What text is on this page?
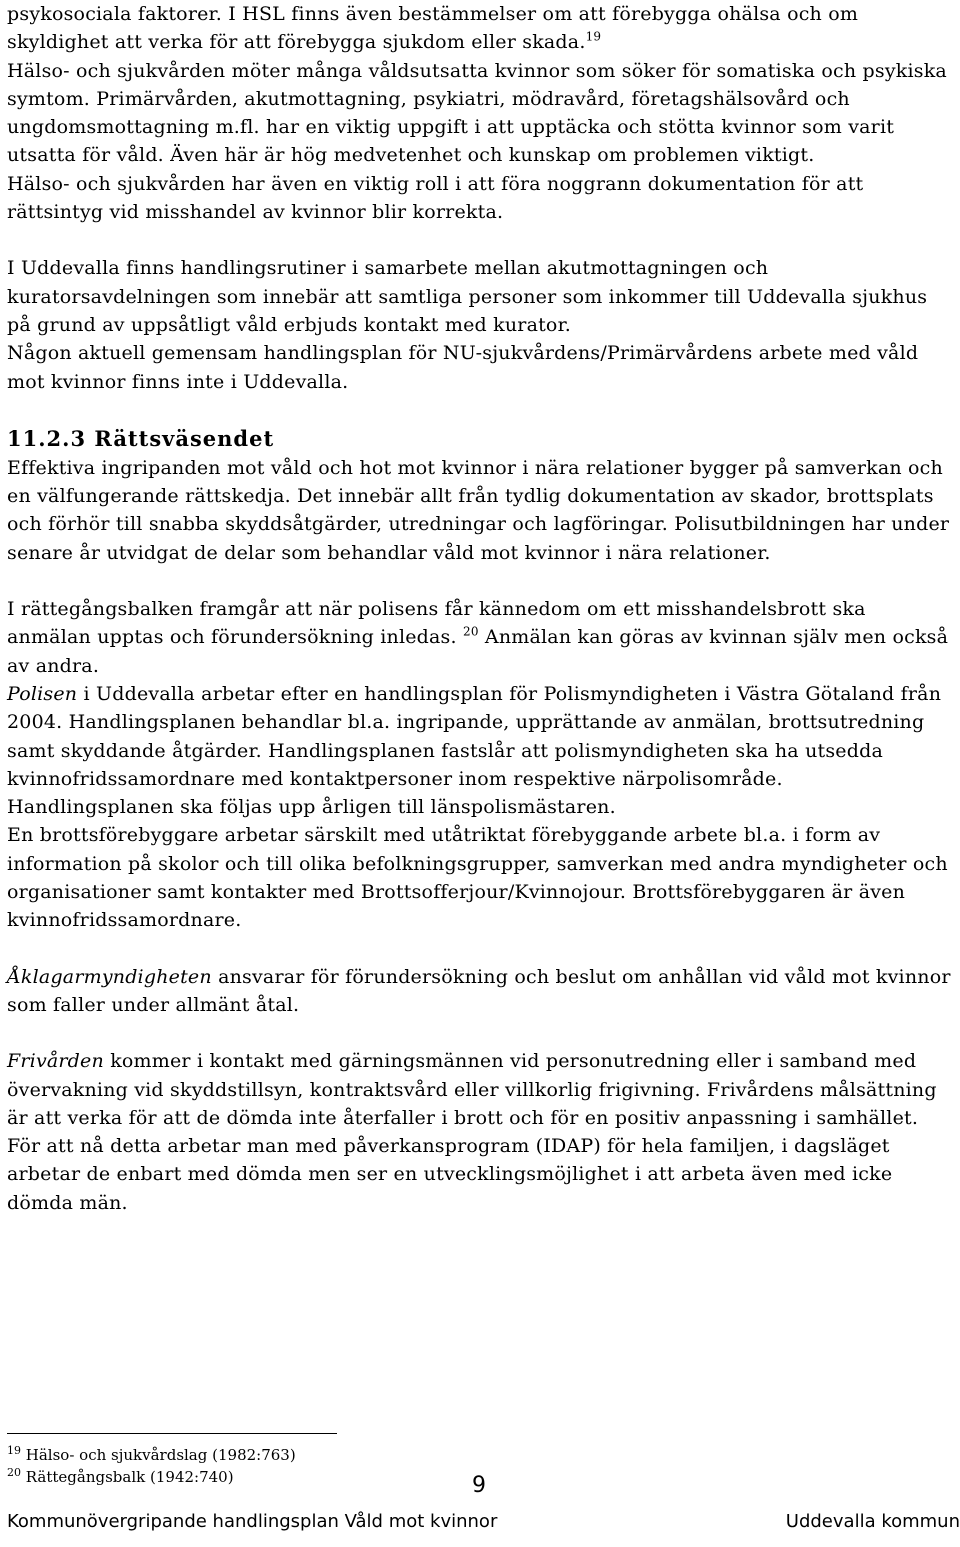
psykosociala faktorer. I HSL finns även bestämmelser om att förebygga ohälsa och om skyldighet att verka för att förebygga sjukdom eller skada.$^{19}$
Hälso- och sjukvården möter många våldsutsatta kvinnor som söker för somatiska och psykiska symtom. Primärvården, akutmottagning, psykiatri, mödravård, företagshälsovård och ungdomsmottagning m.fl. har en viktig uppgift i att upptäcka och stötta kvinnor som varit utsatta för våld. Även här är hög medvetenhet och kunskap om problemen viktigt.

Hälso- och sjukvården har även en viktig roll i att föra noggrann dokumentation för att rättsintyg vid misshandel av kvinnor blir korrekta.

I Uddevalla finns handlingsrutiner i samarbete mellan akutmottagningen och kuratorsavdelningen som innebär att samtliga personer som inkommer till Uddevalla sjukhus på grund av uppsåtligt våld erbjuds kontakt med kurator.

Någon aktuell gemensam handlingsplan för NU-sjukvårdens/Primärvårdens arbete med våld mot kvinnor finns inte i Uddevalla.

11.2.3 Rättsväsendet

Effektiva ingripanden mot våld och hot mot kvinnor i nära relationer bygger på samverkan och en välfungerande rättskedja. Det innebär allt från tydlig dokumentation av skador, brottsplats och förhör till snabba skyddsåtgärder, utredningar och lagföringar. Polisutbildningen har under senare år utvidgat de delar som behandlar våld mot kvinnor i nära relationer.

I rättegångsbalken framgår att när polisens får kännedom om ett misshandelsbrott ska anmälan upptas och förundersökning inledas. $^{20}$ Anmälan kan göras av kvinnan själv men också av andra.

Polisen i Uddevalla arbetar efter en handlingsplan för Polismyndigheten i Västra Götaland från 2004. Handlingsplanen behandlar bl.a. ingripande, upprättande av anmälan, brottsutredning samt skyddande åtgärder. Handlingsplanen fastslår att polismyndigheten ska ha utsedda kvinnofridssamordnare med kontaktpersoner inom respektive närpolisområde. Handlingsplanen ska följas upp årligen till länspolismästaren.

En brottsförebyggare arbetar särskilt med utåtriktat förebyggande arbete bl.a. i form av information på skolor och till olika befolkningsgrupper, samverkan med andra myndigheter och organisationer samt kontakter med Brottsofferjour/Kvinnojour. Brottsförebyggaren är även kvinnofridssamordnare.

Åklagarmyndigheten ansvarar för förundersökning och beslut om anhållan vid våld mot kvinnor som faller under allmänt åtal.

Frivården kommer i kontakt med gärningsmännen vid personutredning eller i samband med övervakning vid skyddstillsyn, kontraktsvård eller villkorlig frigivning. Frivårdens målsättning är att verka för att de dömda inte återfaller i brott och för en positiv anpassning i samhället. För att nå detta arbetar man med påverkansprogram (IDAP) för hela familjen, i dagsläget arbetar de enbart med dömda men ser en utvecklingsmöjlighet i att arbeta även med icke dömda män.

$^{19}$ Hälso- och sjukvårdslag (1982:763)
$^{20}$ Rättegångsbalk (1942:740)	9
Kommunövergripande handlingsplan Våld mot kvinnor	Uddevalla kommun
